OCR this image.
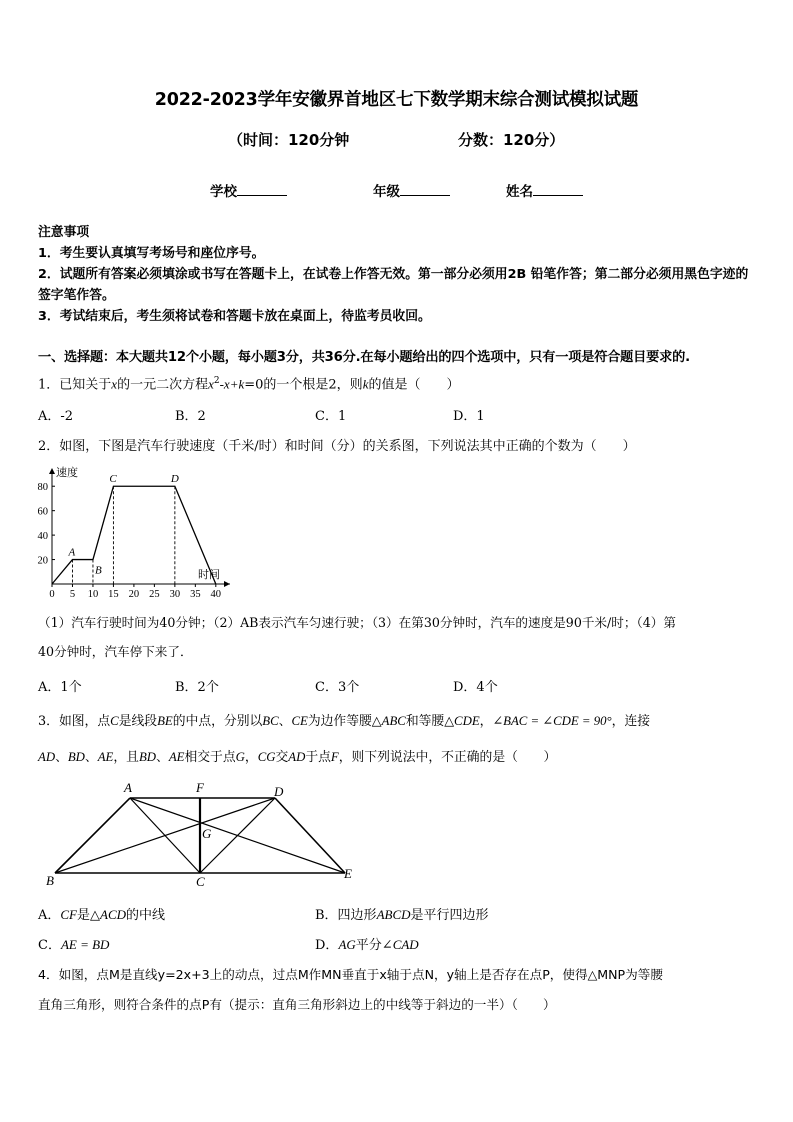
2022-2023学年安徽界首地区七下数学期末综合测试模拟试题
（时间：120分钟	分数：120分）
学校	年级	姓名

注意事项

1．考生要认真填写考场号和座位序号。

2．试题所有答案必须填涂或书写在答题卡上，在试卷上作答无效。第一部分必须用2B 铅笔作答；第二部分必须用黑色字迹的签字笔作答。

3．考试结束后，考生须将试卷和答题卡放在桌面上，待监考员收回。

一、选择题：本大题共12个小题，每小题3分，共36分.在每小题给出的四个选项中，只有一项是符合题目要求的.
1．已知关于x的一元二次方程$x^2-x+k=0$的一个根是2，则k的值是（　　）
A．-2	B．2	C．1	D．1
2．如图，下图是汽车行驶速度（千米/时）和时间（分）的关系图，下列说法其中正确的个数为（　　）
速度
时间
0 5 10 15 20 25 30 35 40
20
40
60
80
A
B
C	D
（1）汽车行驶时间为40分钟；（2）AB表示汽车匀速行驶；（3）在第30分钟时，汽车的速度是90千米/时；（4）第
40分钟时，汽车停下来了．
A．1个	B．2个	C．3个	D．4个
3．如图，点C是线段BE的中点，分别以BC、CE为边作等腰△ABC和等腰△CDE，∠BAC = ∠CDE = 90°，连接
AD、BD、AE，且BD、AE相交于点G，CG交AD于点F，则下列说法中，不正确的是（　　）
A	F	D
G
B	C
E
A．CF是△ACD的中线	B．四边形ABCD是平行四边形
C．AE = BD	D．AG平分∠CAD
4．如图，点M是直线y=2x+3上的动点，过点M作MN垂直于x轴于点N，y轴上是否存在点P，使得△MNP为等腰
直角三角形，则符合条件的点P有（提示：直角三角形斜边上的中线等于斜边的一半）（　　）
